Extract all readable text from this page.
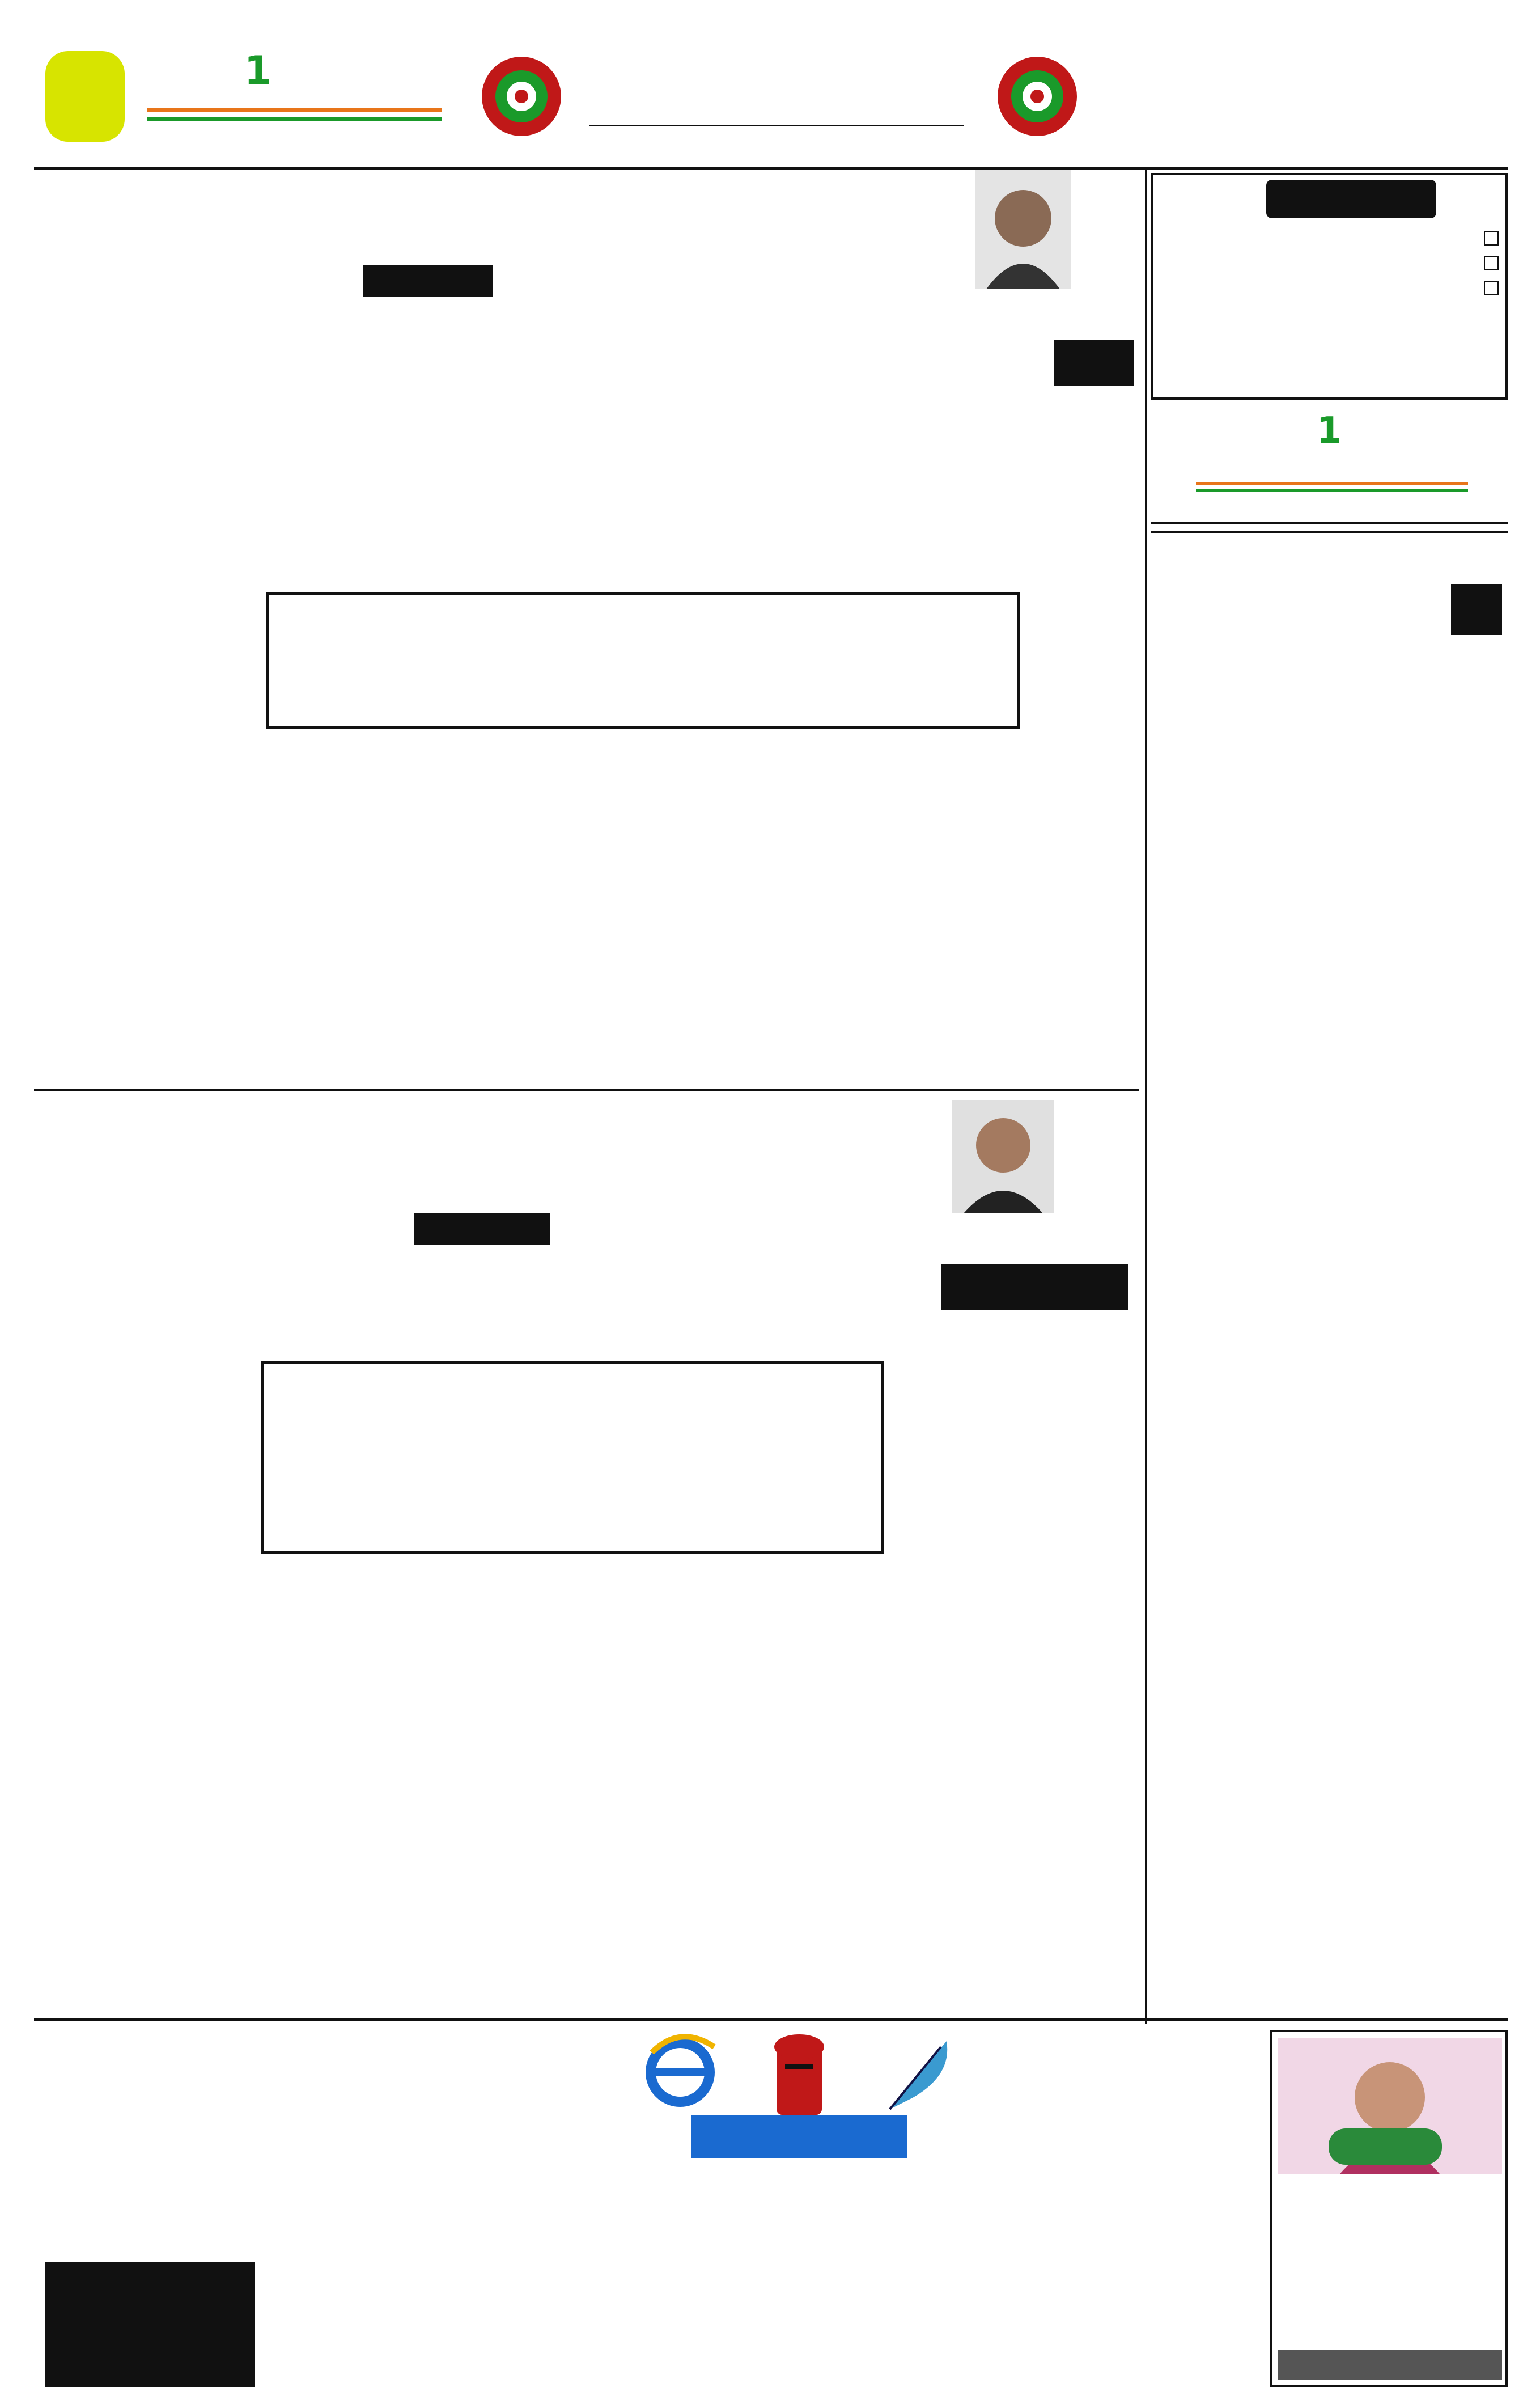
1

1
